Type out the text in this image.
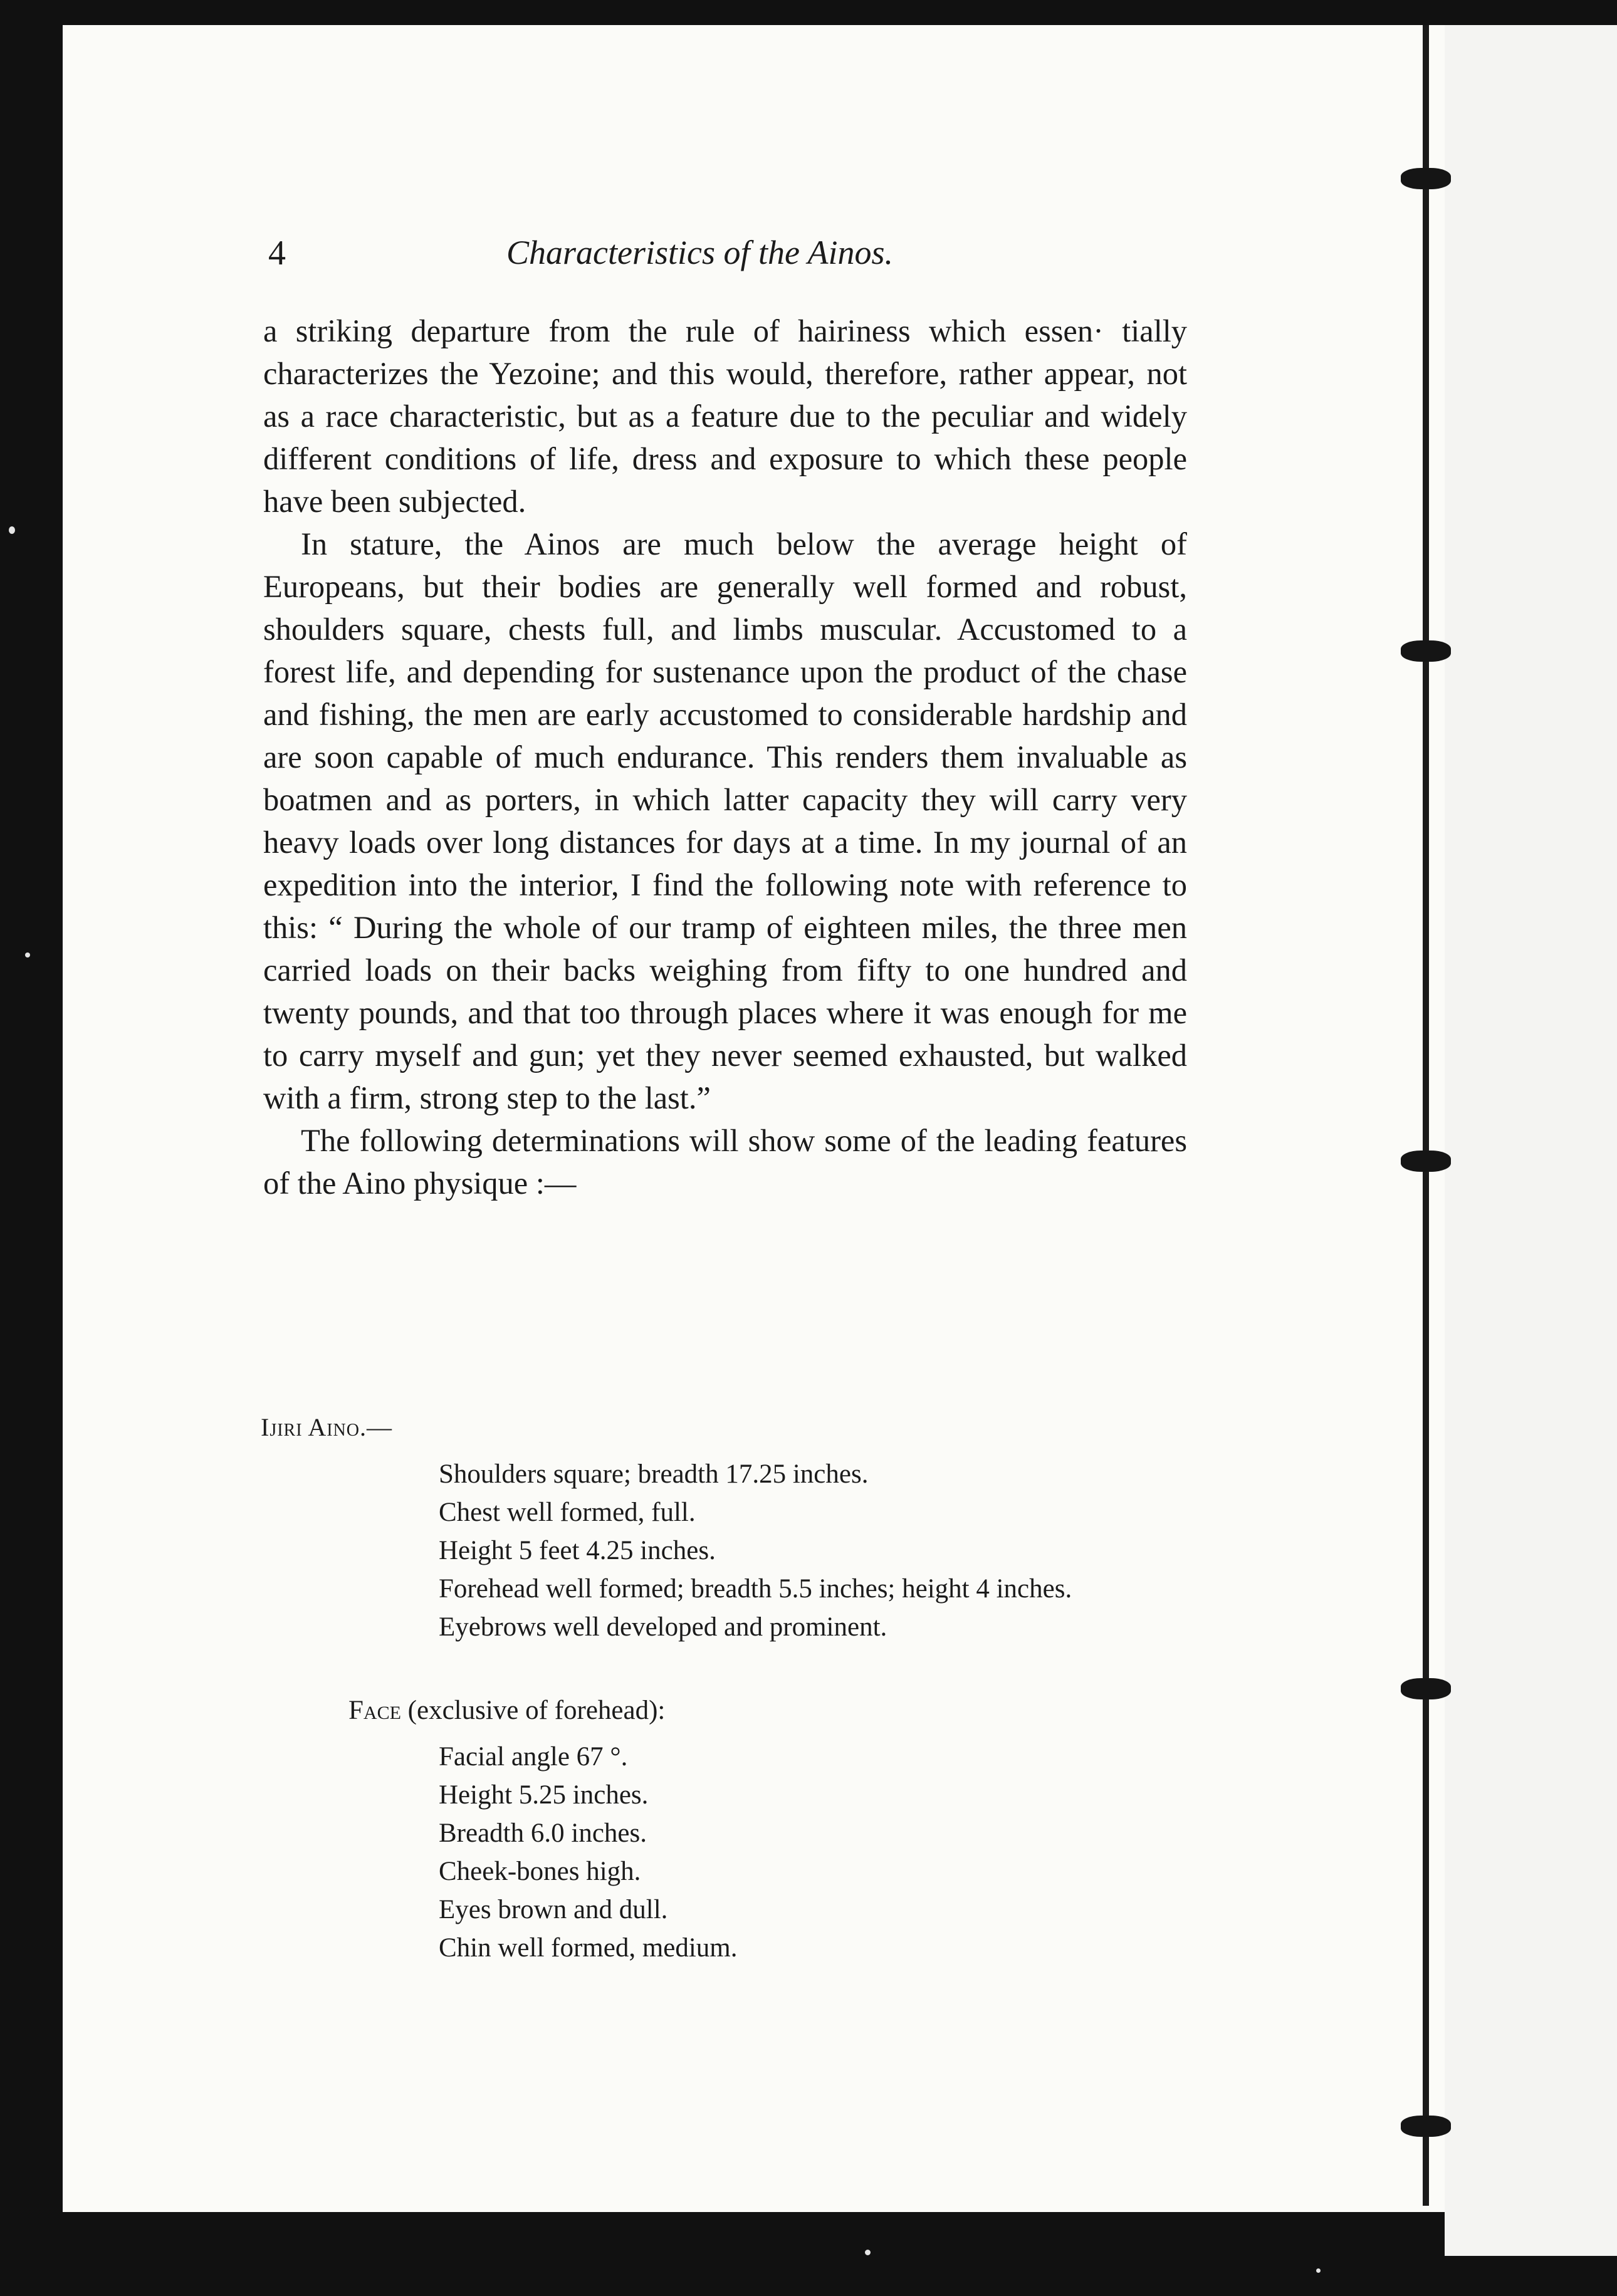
4	Characteristics of the Ainos.

a striking departure from the rule of hairiness which essen· tially characterizes the Yezoine; and this would, therefore, rather appear, not as a race characteristic, but as a feature due to the peculiar and widely different conditions of life, dress and exposure to which these people have been subjected.

In stature, the Ainos are much below the average height of Europeans, but their bodies are generally well formed and robust, shoulders square, chests full, and limbs muscular. Accustomed to a forest life, and depending for sustenance upon the product of the chase and fishing, the men are early accustomed to considerable hardship and are soon capable of much endurance. This renders them invaluable as boatmen and as porters, in which latter capacity they will carry very heavy loads over long distances for days at a time. In my journal of an expedition into the interior, I find the following note with reference to this: “ During the whole of our tramp of eighteen miles, the three men carried loads on their backs weighing from fifty to one hundred and twenty pounds, and that too through places where it was enough for me to carry myself and gun; yet they never seemed exhausted, but walked with a firm, strong step to the last.”

The following determinations will show some of the leading features of the Aino physique :—

Ijiri Aino.—
Shoulders square; breadth 17.25 inches.
Chest well formed, full.
Height 5 feet 4.25 inches.
Forehead well formed; breadth 5.5 inches; height 4 inches.
Eyebrows well developed and prominent.
Face (exclusive of forehead):
Facial angle 67 °.
Height 5.25 inches.
Breadth 6.0 inches.
Cheek-bones high.
Eyes brown and dull.
Chin well formed, medium.
